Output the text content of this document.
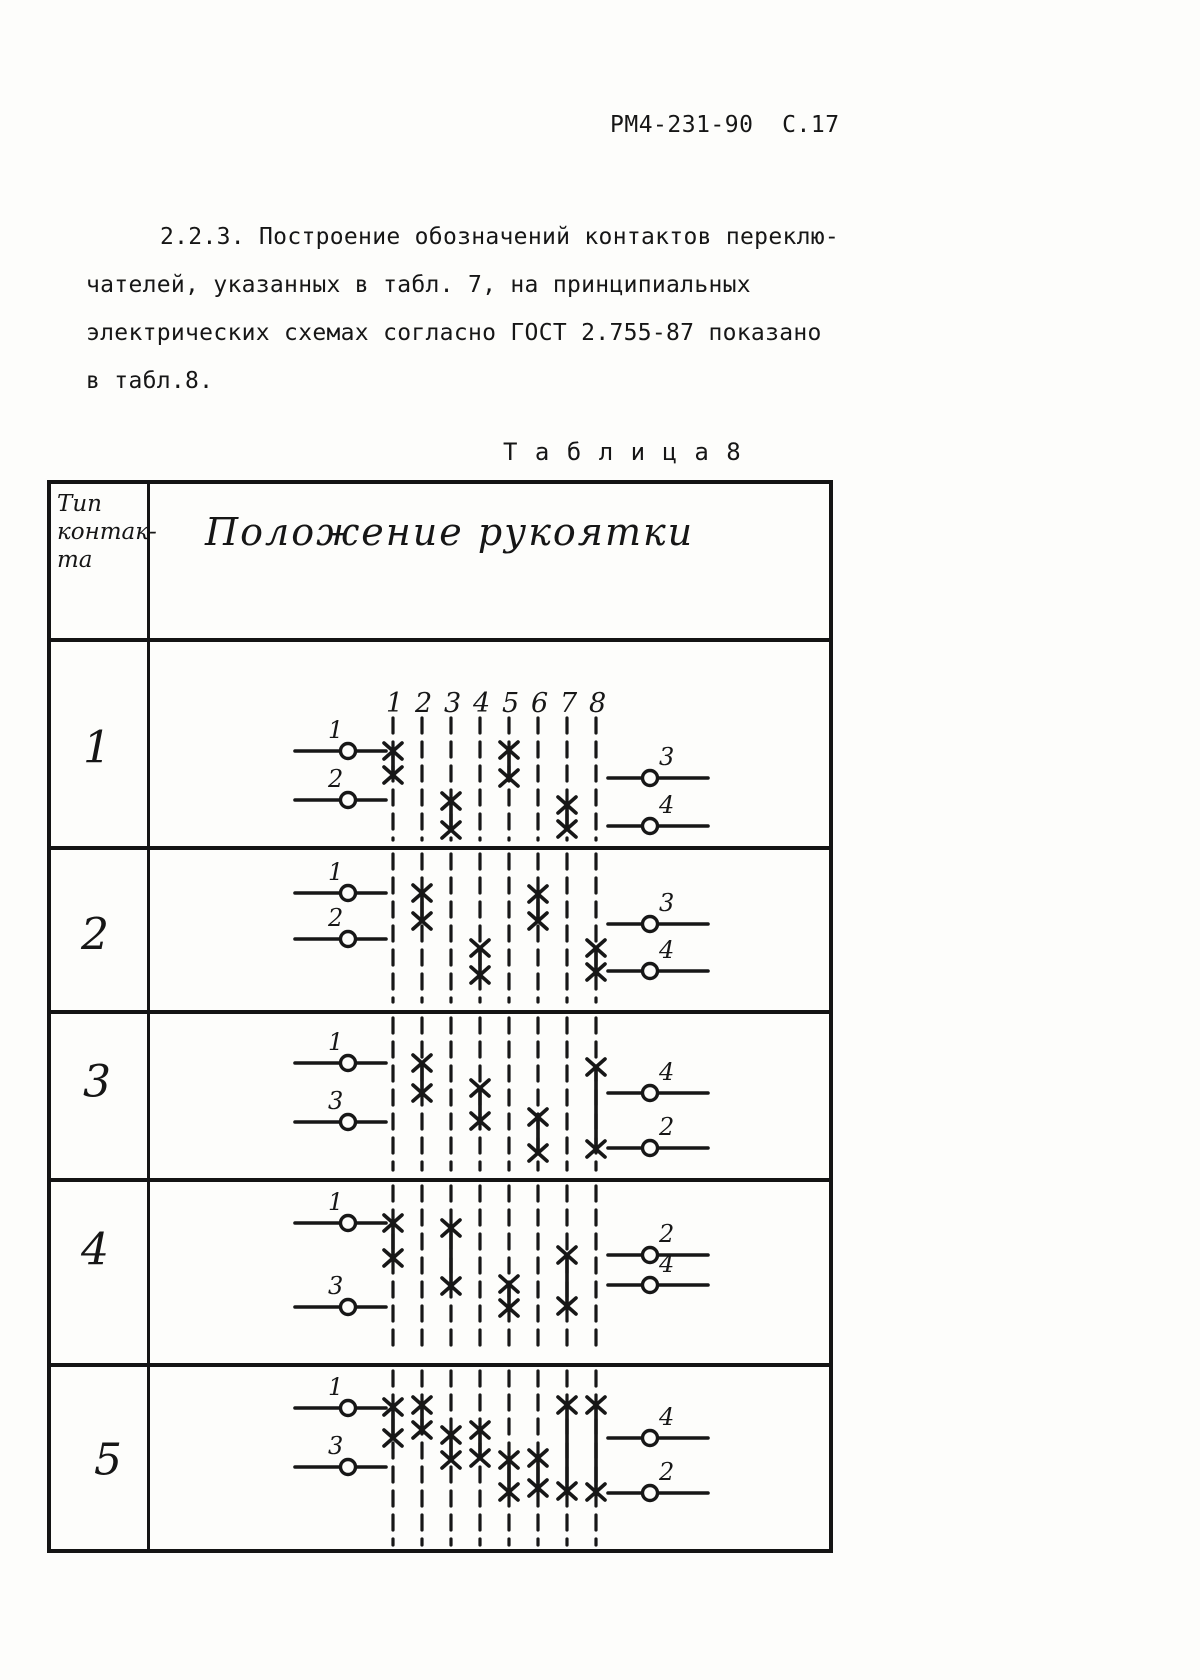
РМ4-231-90  С.17
2.2.3. Построение обозначений контактов переклю-
чателей, указанных в табл. 7, на принципиальных
электрических схемах согласно ГОСТ 2.755-87 показано
в табл.8.
Т а б л и ц а 8
Тип
контак-
та
Положение рукоятки
1
2
3
4
5
1 2 3 4 5 6 7 8
1
2
3
4
1
2
3
4
1
3
4
2
1
3
2
4
1
3
4
2
